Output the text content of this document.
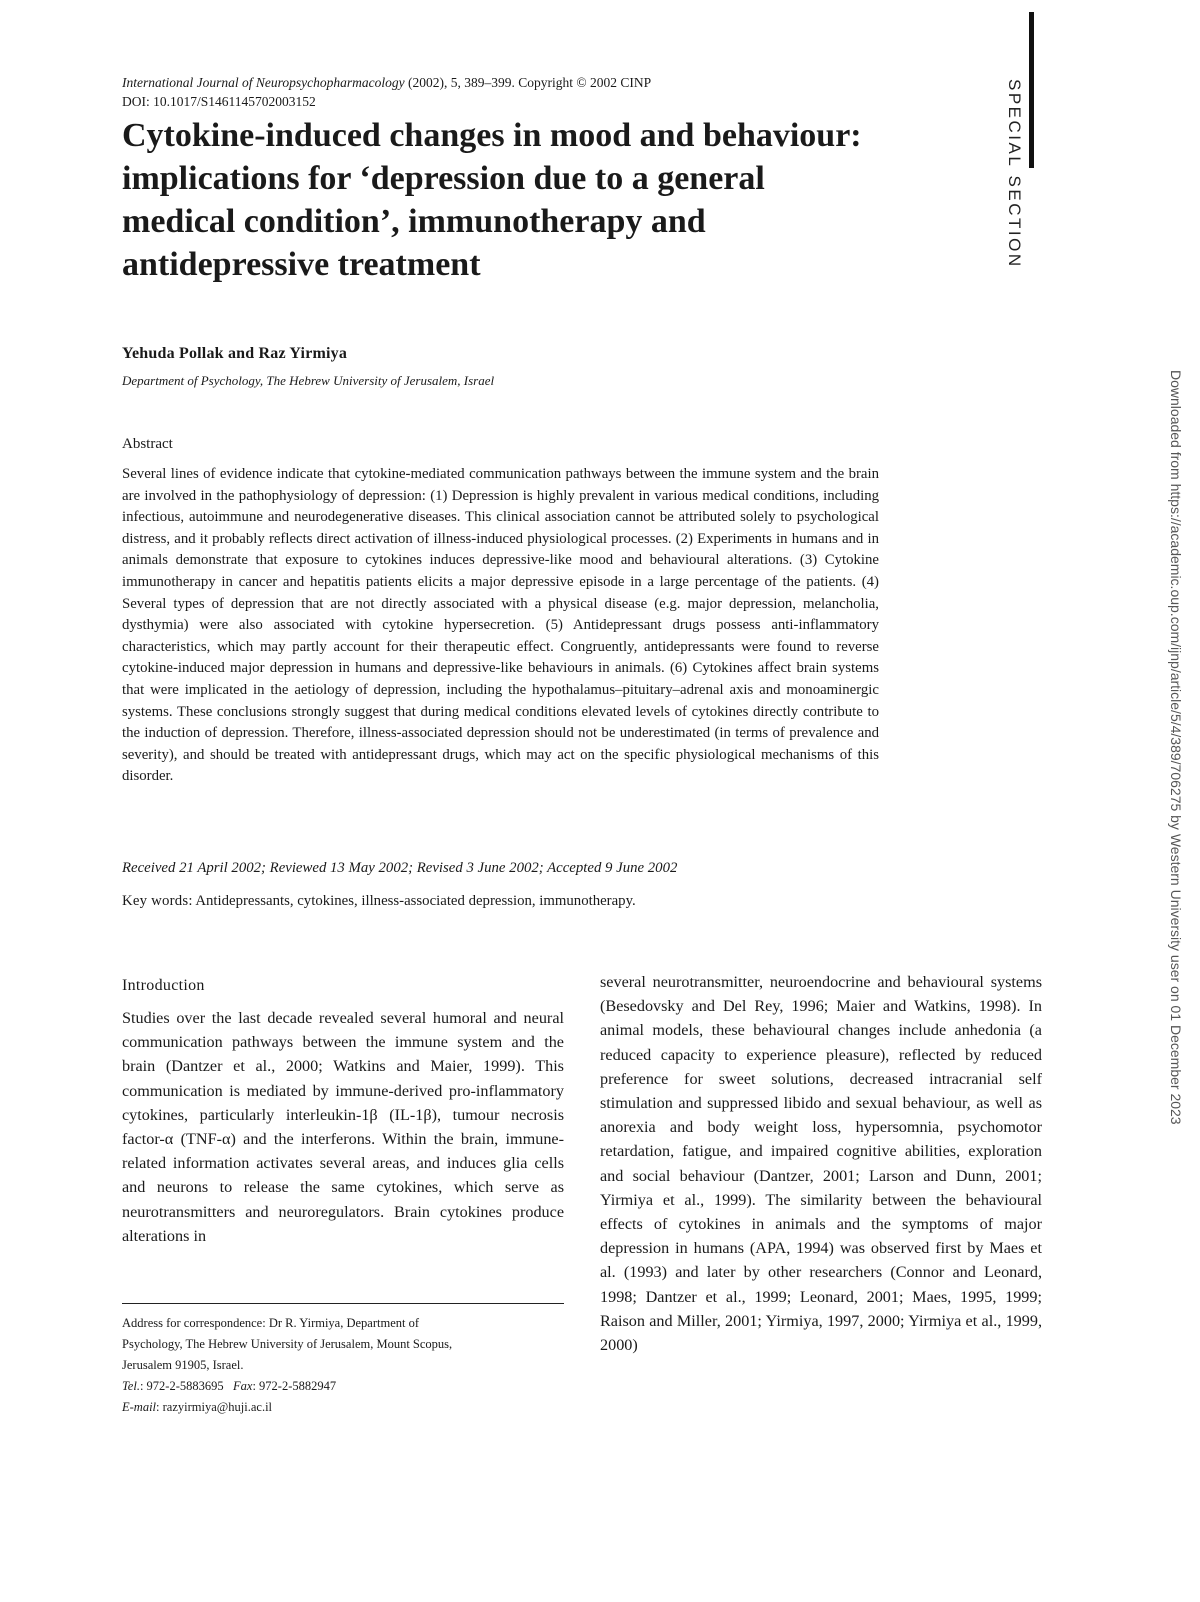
International Journal of Neuropsychopharmacology (2002), 5, 389–399. Copyright © 2002 CINP
DOI: 10.1017/S1461145702003152	SPECIAL SECTION
Downloaded from https://academic.oup.com/ijnp/article/5/4/389/706275 by Western University user on 01 December 2023
Cytokine-induced changes in mood and behaviour: implications for ‘depression due to a general medical condition’, immunotherapy and antidepressive treatment
Yehuda Pollak and Raz Yirmiya
Department of Psychology, The Hebrew University of Jerusalem, Israel
Abstract

Several lines of evidence indicate that cytokine-mediated communication pathways between the immune system and the brain are involved in the pathophysiology of depression: (1) Depression is highly prevalent in various medical conditions, including infectious, autoimmune and neurodegenerative diseases. This clinical association cannot be attributed solely to psychological distress, and it probably reflects direct activation of illness-induced physiological processes. (2) Experiments in humans and in animals demonstrate that exposure to cytokines induces depressive-like mood and behavioural alterations. (3) Cytokine immunotherapy in cancer and hepatitis patients elicits a major depressive episode in a large percentage of the patients. (4) Several types of depression that are not directly associated with a physical disease (e.g. major depression, melancholia, dysthymia) were also associated with cytokine hypersecretion. (5) Antidepressant drugs possess anti-inflammatory characteristics, which may partly account for their therapeutic effect. Congruently, antidepressants were found to reverse cytokine-induced major depression in humans and depressive-like behaviours in animals. (6) Cytokines affect brain systems that were implicated in the aetiology of depression, including the hypothalamus–pituitary–adrenal axis and monoaminergic systems. These conclusions strongly suggest that during medical conditions elevated levels of cytokines directly contribute to the induction of depression. Therefore, illness-associated depression should not be underestimated (in terms of prevalence and severity), and should be treated with antidepressant drugs, which may act on the specific physiological mechanisms of this disorder.

Received 21 April 2002; Reviewed 13 May 2002; Revised 3 June 2002; Accepted 9 June 2002
Key words: Antidepressants, cytokines, illness-associated depression, immunotherapy.
Introduction

Studies over the last decade revealed several humoral and neural communication pathways between the immune system and the brain (Dantzer et al., 2000; Watkins and Maier, 1999). This communication is mediated by immune-derived pro-inflammatory cytokines, particularly interleukin-1β (IL-1β), tumour necrosis factor-α (TNF-α) and the interferons. Within the brain, immune-related information activates several areas, and induces glia cells and neurons to release the same cytokines, which serve as neurotransmitters and neuroregulators. Brain cytokines produce alterations in

several neurotransmitter, neuroendocrine and behavioural systems (Besedovsky and Del Rey, 1996; Maier and Watkins, 1998). In animal models, these behavioural changes include anhedonia (a reduced capacity to experience pleasure), reflected by reduced preference for sweet solutions, decreased intracranial self stimulation and suppressed libido and sexual behaviour, as well as anorexia and body weight loss, hypersomnia, psychomotor retardation, fatigue, and impaired cognitive abilities, exploration and social behaviour (Dantzer, 2001; Larson and Dunn, 2001; Yirmiya et al., 1999). The similarity between the behavioural effects of cytokines in animals and the symptoms of major depression in humans (APA, 1994) was observed first by Maes et al. (1993) and later by other researchers (Connor and Leonard, 1998; Dantzer et al., 1999; Leonard, 2001; Maes, 1995, 1999; Raison and Miller, 2001; Yirmiya, 1997, 2000; Yirmiya et al., 1999, 2000)

Address for correspondence: Dr R. Yirmiya, Department of
Psychology, The Hebrew University of Jerusalem, Mount Scopus,
Jerusalem 91905, Israel.
Tel.: 972-2-5883695 Fax: 972-2-5882947
E-mail: razyirmiya@huji.ac.il
